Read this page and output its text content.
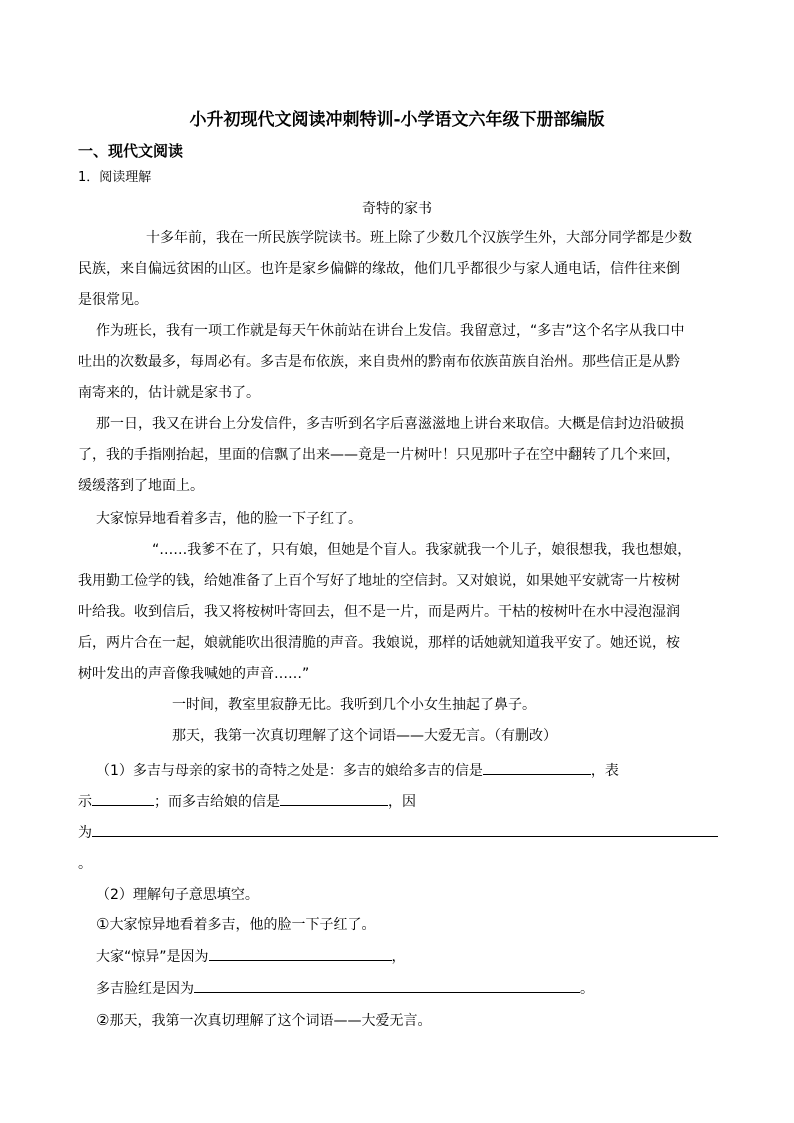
小升初现代文阅读冲刺特训-小学语文六年级下册部编版
一、现代文阅读
1．阅读理解
奇特的家书
十多年前，我在一所民族学院读书。班上除了少数几个汉族学生外，大部分同学都是少数
民族，来自偏远贫困的山区。也许是家乡偏僻的缘故，他们几乎都很少与家人通电话，信件往来倒
是很常见。
作为班长，我有一项工作就是每天午休前站在讲台上发信。我留意过，“多吉”这个名字从我口中
吐出的次数最多，每周必有。多吉是布依族，来自贵州的黔南布依族苗族自治州。那些信正是从黔
南寄来的，估计就是家书了。
那一日，我又在讲台上分发信件，多吉听到名字后喜滋滋地上讲台来取信。大概是信封边沿破损
了，我的手指刚抬起，里面的信飘了出来——竟是一片树叶！只见那叶子在空中翻转了几个来回，
缓缓落到了地面上。
大家惊异地看着多吉，他的脸一下子红了。
“……我爹不在了，只有娘，但她是个盲人。我家就我一个儿子，娘很想我，我也想娘，
我用勤工俭学的钱，给她准备了上百个写好了地址的空信封。又对娘说，如果她平安就寄一片桉树
叶给我。收到信后，我又将桉树叶寄回去，但不是一片，而是两片。干枯的桉树叶在水中浸泡湿润
后，两片合在一起，娘就能吹出很清脆的声音。我娘说，那样的话她就知道我平安了。她还说，桉
树叶发出的声音像我喊她的声音……”
一时间，教室里寂静无比。我听到几个小女生抽起了鼻子。
那天，我第一次真切理解了这个词语——大爱无言。（有删改）
（1）多吉与母亲的家书的奇特之处是：多吉的娘给多吉的信是	，表
示	；而多吉给娘的信是	，因
为
。
（2）理解句子意思填空。
①大家惊异地看着多吉，他的脸一下子红了。
大家“惊异”是因为	，
多吉脸红是因为	。
②那天，我第一次真切理解了这个词语——大爱无言。
